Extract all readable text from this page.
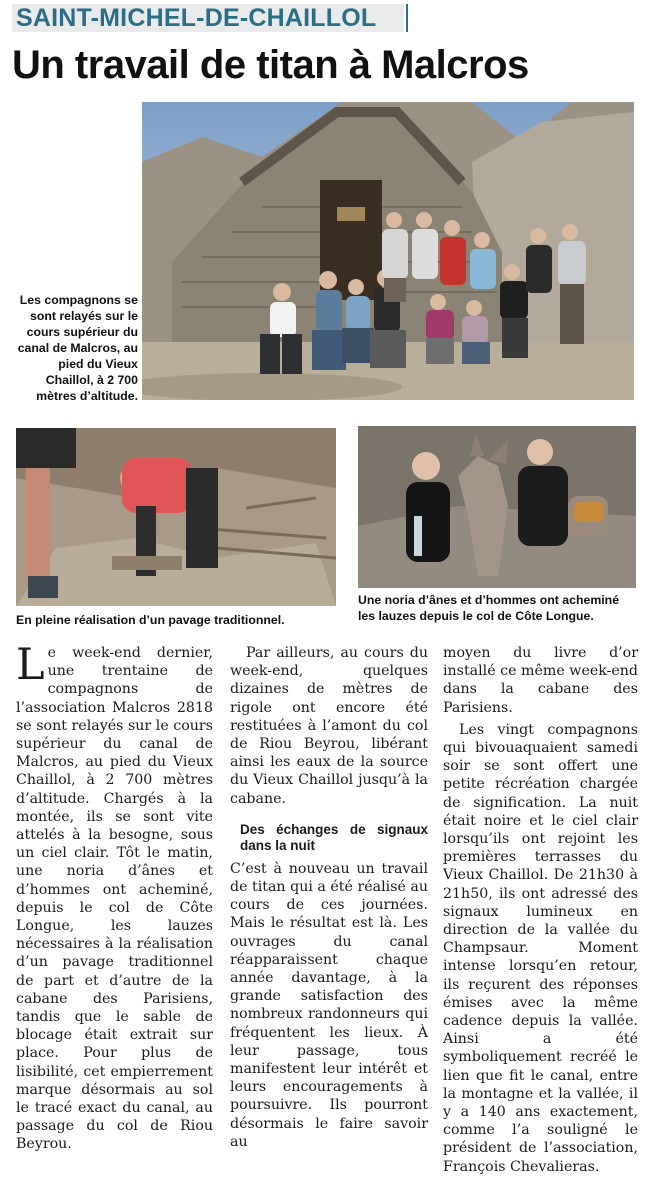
SAINT-MICHEL-DE-CHAILLOL
Un travail de titan à Malcros
Les compagnons se sont relayés sur le cours supérieur du canal de Malcros, au pied du Vieux Chaillol, à 2 700 mètres d’altitude.
En pleine réalisation d’un pavage traditionnel.
Une noria d’ânes et d’hommes ont acheminé les lauzes depuis le col de Côte Longue.

Le week-end dernier, une trentaine de compagnons de l’association Malcros 2818 se sont relayés sur le cours supérieur du canal de Malcros, au pied du Vieux Chaillol, à 2 700 mètres d’altitude. Chargés à la montée, ils se sont vite attelés à la besogne, sous un ciel clair. Tôt le matin, une noria d’ânes et d’hommes ont acheminé, depuis le col de Côte Longue, les lauzes nécessaires à la réalisation d’un pavage traditionnel de part et d’autre de la cabane des Parisiens, tandis que le sable de blocage était extrait sur place. Pour plus de lisibilité, cet empierrement marque désormais au sol le tracé exact du canal, au passage du col de Riou Beyrou.

Par ailleurs, au cours du week-end, quelques dizaines de mètres de rigole ont encore été restituées à l’amont du col de Riou Beyrou, libérant ainsi les eaux de la source du Vieux Chaillol jusqu’à la cabane.

Des échanges de signaux dans la nuit

C’est à nouveau un travail de titan qui a été réalisé au cours de ces journées. Mais le résultat est là. Les ouvrages du canal réapparaissent chaque année davantage, à la grande satisfaction des nombreux randonneurs qui fréquentent les lieux. À leur passage, tous manifestent leur intérêt et leurs encouragements à poursuivre. Ils pourront désormais le faire savoir au

moyen du livre d’or installé ce même week-end dans la cabane des Parisiens.

Les vingt compagnons qui bivouaquaient samedi soir se sont offert une petite récréation chargée de signification. La nuit était noire et le ciel clair lorsqu’ils ont rejoint les premières terrasses du Vieux Chaillol. De 21h30 à 21h50, ils ont adressé des signaux lumineux en direction de la vallée du Champsaur. Moment intense lorsqu’en retour, ils reçurent des réponses émises avec la même cadence depuis la vallée. Ainsi a été symboliquement recréé le lien que fit le canal, entre la montagne et la vallée, il y a 140 ans exactement, comme l’a souligné le président de l’association, François Chevalieras.
